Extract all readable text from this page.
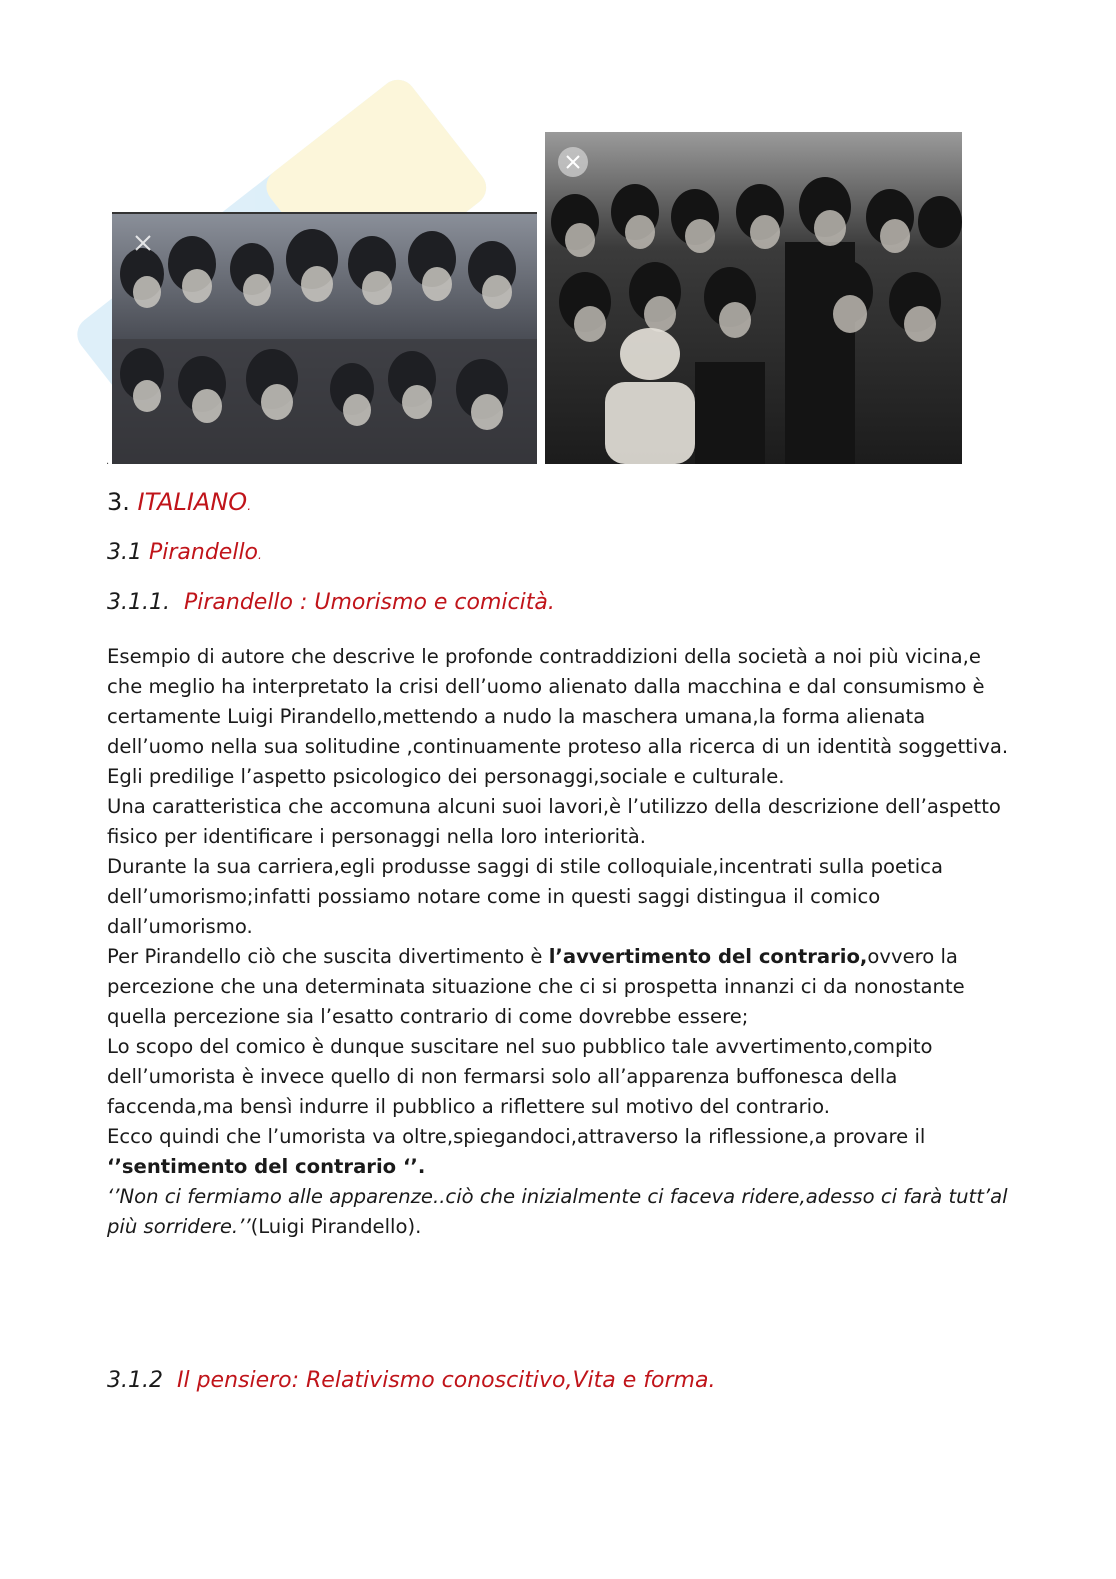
.
3. ITALIANO.
3.1 Pirandello.
3.1.1.  Pirandello : Umorismo e comicità.

Esempio di autore che descrive le profonde contraddizioni della società a noi più vicina,e che meglio ha interpretato la crisi dell’uomo alienato dalla macchina e dal consumismo è certamente Luigi Pirandello,mettendo a nudo la maschera umana,la forma alienata dell’uomo nella sua solitudine ,continuamente proteso alla ricerca di un identità soggettiva.

Egli predilige l’aspetto psicologico dei personaggi,sociale e culturale.

Una caratteristica che accomuna alcuni suoi lavori,è l’utilizzo della descrizione dell’aspetto fisico per identificare i personaggi nella loro interiorità.

Durante la sua carriera,egli produsse saggi di stile colloquiale,incentrati sulla poetica dell’umorismo;infatti possiamo notare come in questi saggi distingua il comico dall’umorismo.

Per Pirandello ciò che suscita divertimento è l’avvertimento del contrario,ovvero la percezione che una determinata situazione che ci si prospetta innanzi ci da nonostante quella percezione sia l’esatto contrario di come dovrebbe essere;

Lo scopo del comico è dunque suscitare nel suo pubblico tale avvertimento,compito dell’umorista è invece quello di non fermarsi solo all’apparenza buffonesca della faccenda,ma bensì indurre il pubblico a riflettere sul motivo del contrario.

Ecco quindi che l’umorista va oltre,spiegandoci,attraverso la riflessione,a provare il ‘’sentimento del contrario ‘’.

‘’Non ci fermiamo alle apparenze..ciò che inizialmente ci faceva ridere,adesso ci farà tutt’al più sorridere.’’(Luigi Pirandello).

3.1.2  Il pensiero: Relativismo conoscitivo,Vita e forma.
